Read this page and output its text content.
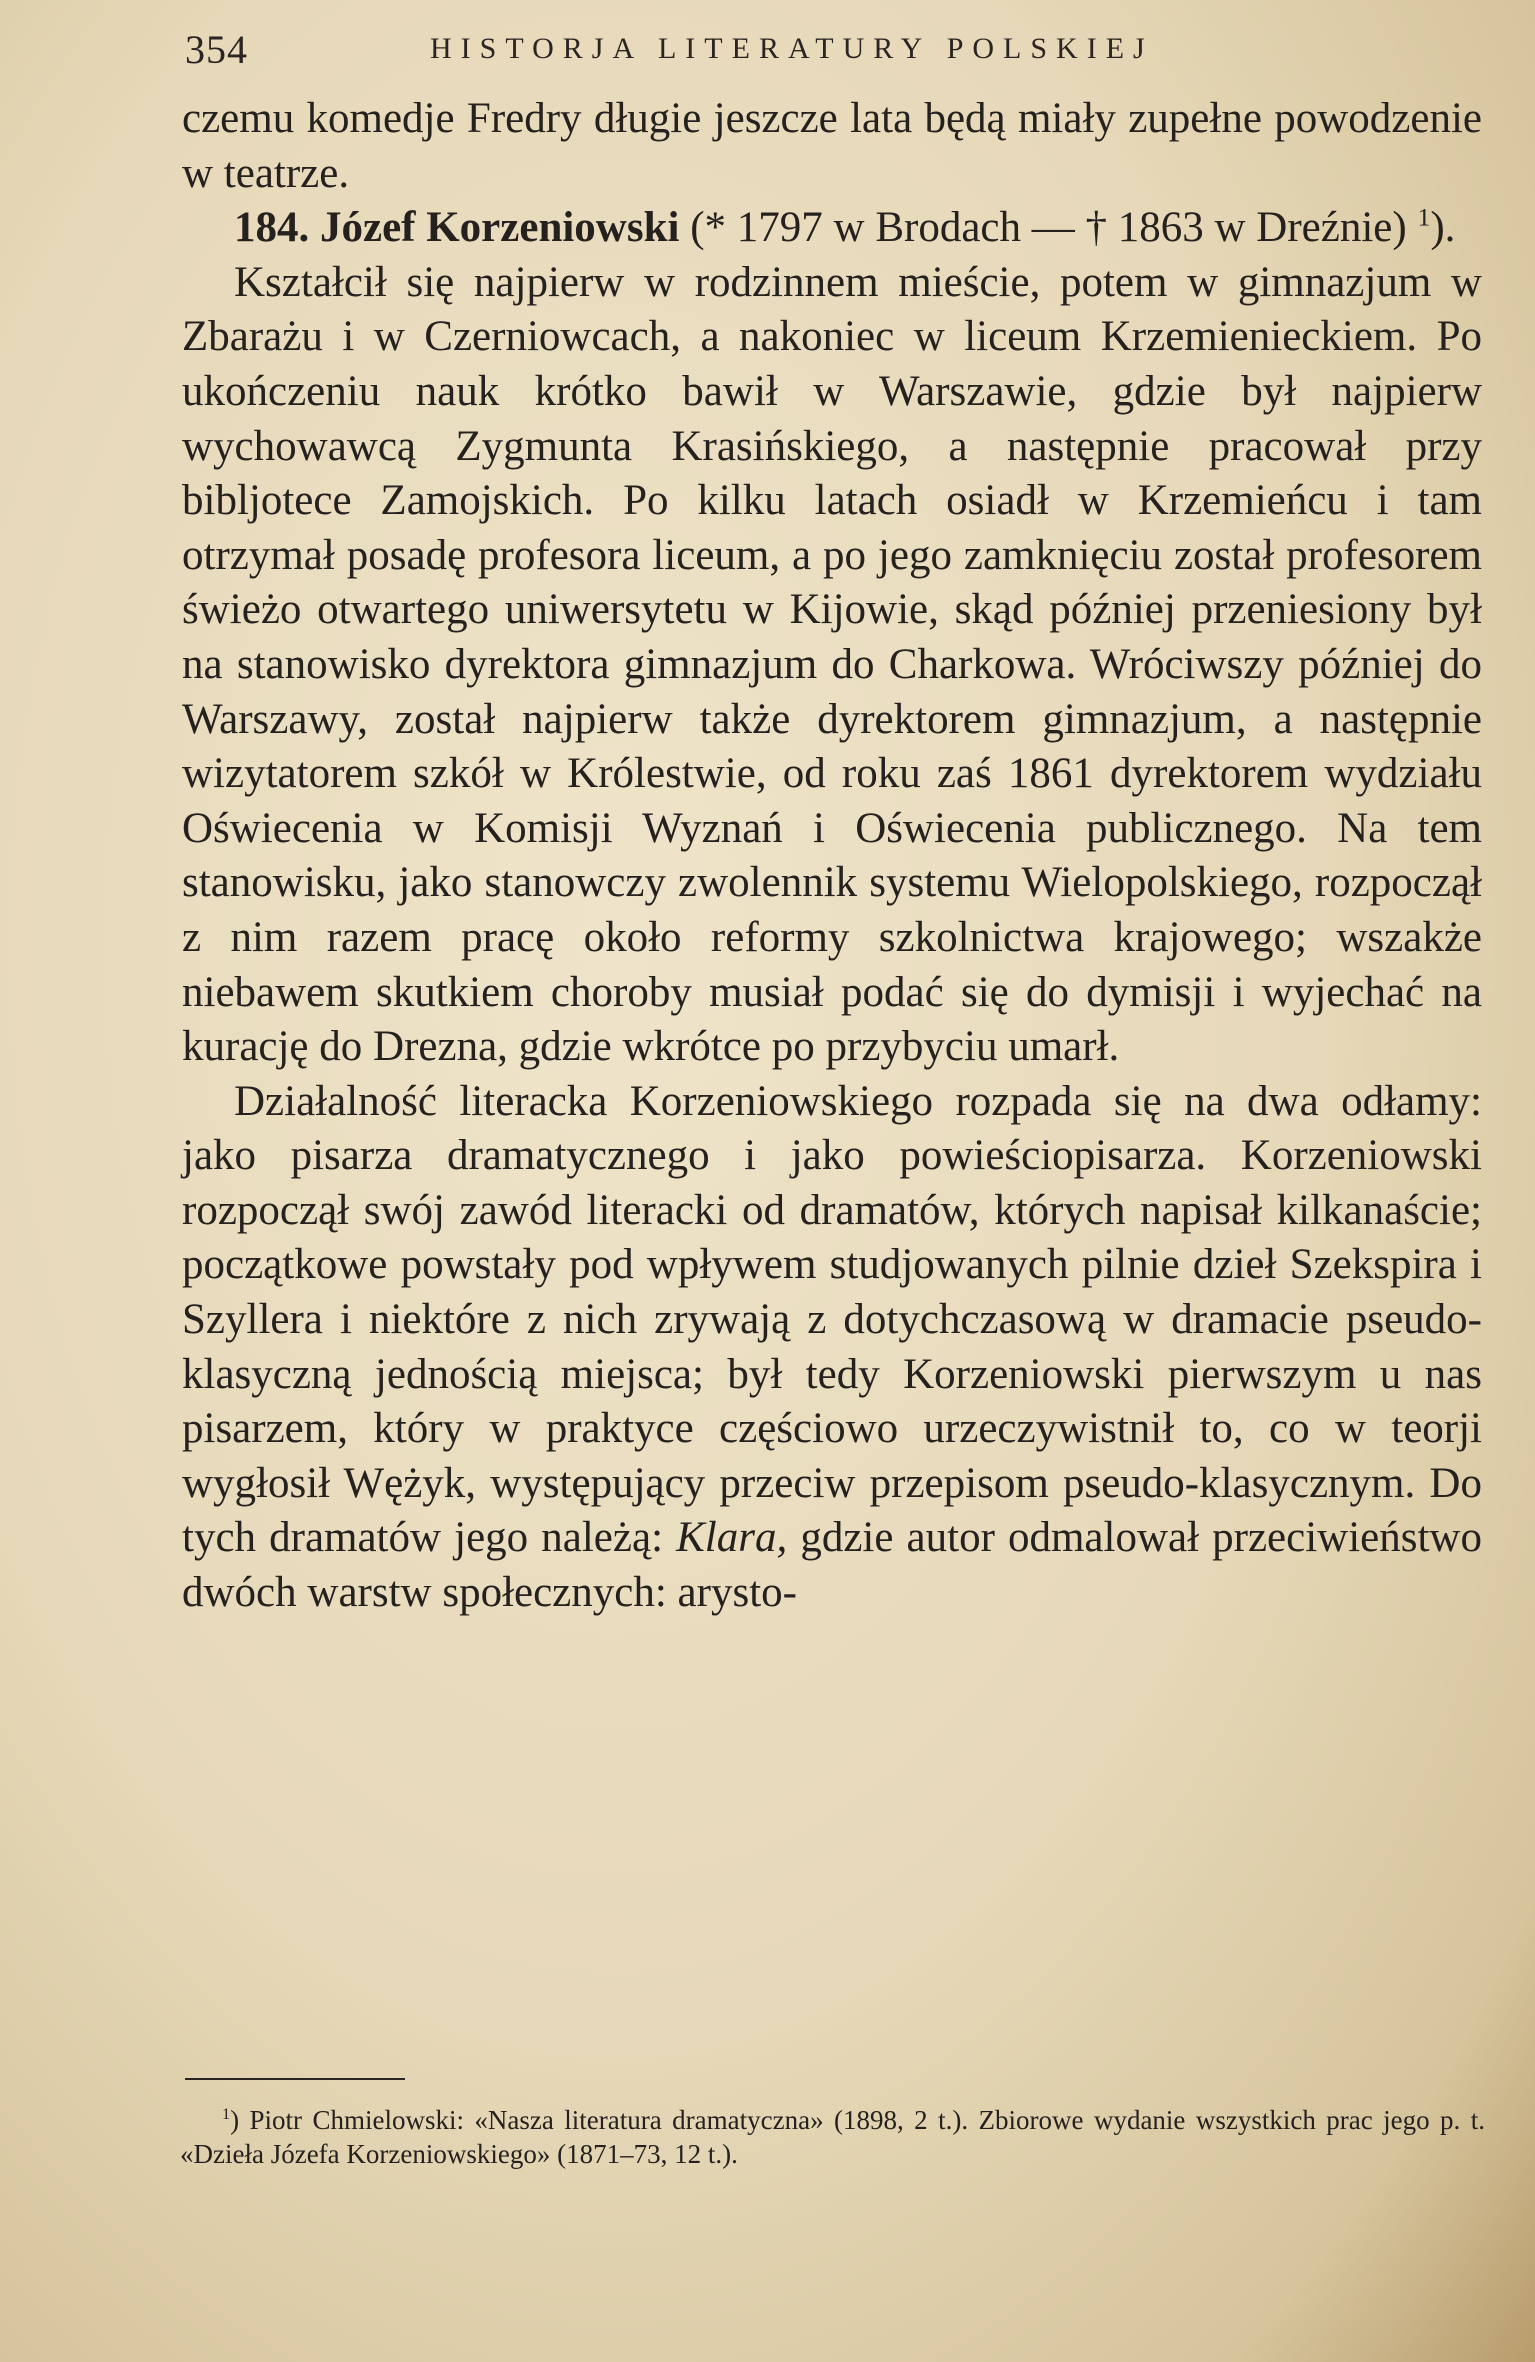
354	HISTORJA LITERATURY POLSKIEJ

czemu komedje Fredry długie jeszcze lata będą miały zupełne powodzenie w teatrze.

184. Józef Korzeniowski (* 1797 w Brodach — † 1863 w Dreźnie) $^1$).

Kształcił się najpierw w rodzinnem mieście, potem w gimnazjum w Zbarażu i w Czerniowcach, a nakoniec w liceum Krzemienieckiem. Po ukończeniu nauk krótko bawił w Warszawie, gdzie był najpierw wychowawcą Zygmunta Krasińskiego, a następnie pracował przy bibljotece Zamojskich. Po kilku latach osiadł w Krzemieńcu i tam otrzymał posadę profesora liceum, a po jego zamknięciu został profesorem świeżo otwartego uniwersytetu w Kijowie, skąd później przeniesiony był na stanowisko dyrektora gimnazjum do Charkowa. Wróciwszy później do Warszawy, został najpierw także dyrektorem gimnazjum, a następnie wizytatorem szkół w Królestwie, od roku zaś 1861 dyrektorem wydziału Oświecenia w Komisji Wyznań i Oświecenia publicznego. Na tem stanowisku, jako stanowczy zwolennik systemu Wielopolskiego, rozpoczął z nim razem pracę około reformy szkolnictwa krajowego; wszakże niebawem skutkiem choroby musiał podać się do dymisji i wyjechać na kurację do Drezna, gdzie wkrótce po przybyciu umarł.

Działalność literacka Korzeniowskiego rozpada się na dwa odłamy: jako pisarza dramatycznego i jako powieściopisarza. Korzeniowski rozpoczął swój zawód literacki od dramatów, których napisał kilkanaście; początkowe powstały pod wpływem studjowanych pilnie dzieł Szekspira i Szyllera i niektóre z nich zrywają z dotychczasową w dramacie pseudo-klasyczną jednością miejsca; był tedy Korzeniowski pierwszym u nas pisarzem, który w praktyce częściowo urzeczywistnił to, co w teorji wygłosił Wężyk, występujący przeciw przepisom pseudo-klasycznym. Do tych dramatów jego należą: Klara, gdzie autor odmalował przeciwieństwo dwóch warstw społecznych: arysto-

$^1$) Piotr Chmielowski: «Nasza literatura dramatyczna» (1898, 2 t.). Zbiorowe wydanie wszystkich prac jego p. t. «Dzieła Józefa Korzeniowskiego» (1871–73, 12 t.).
